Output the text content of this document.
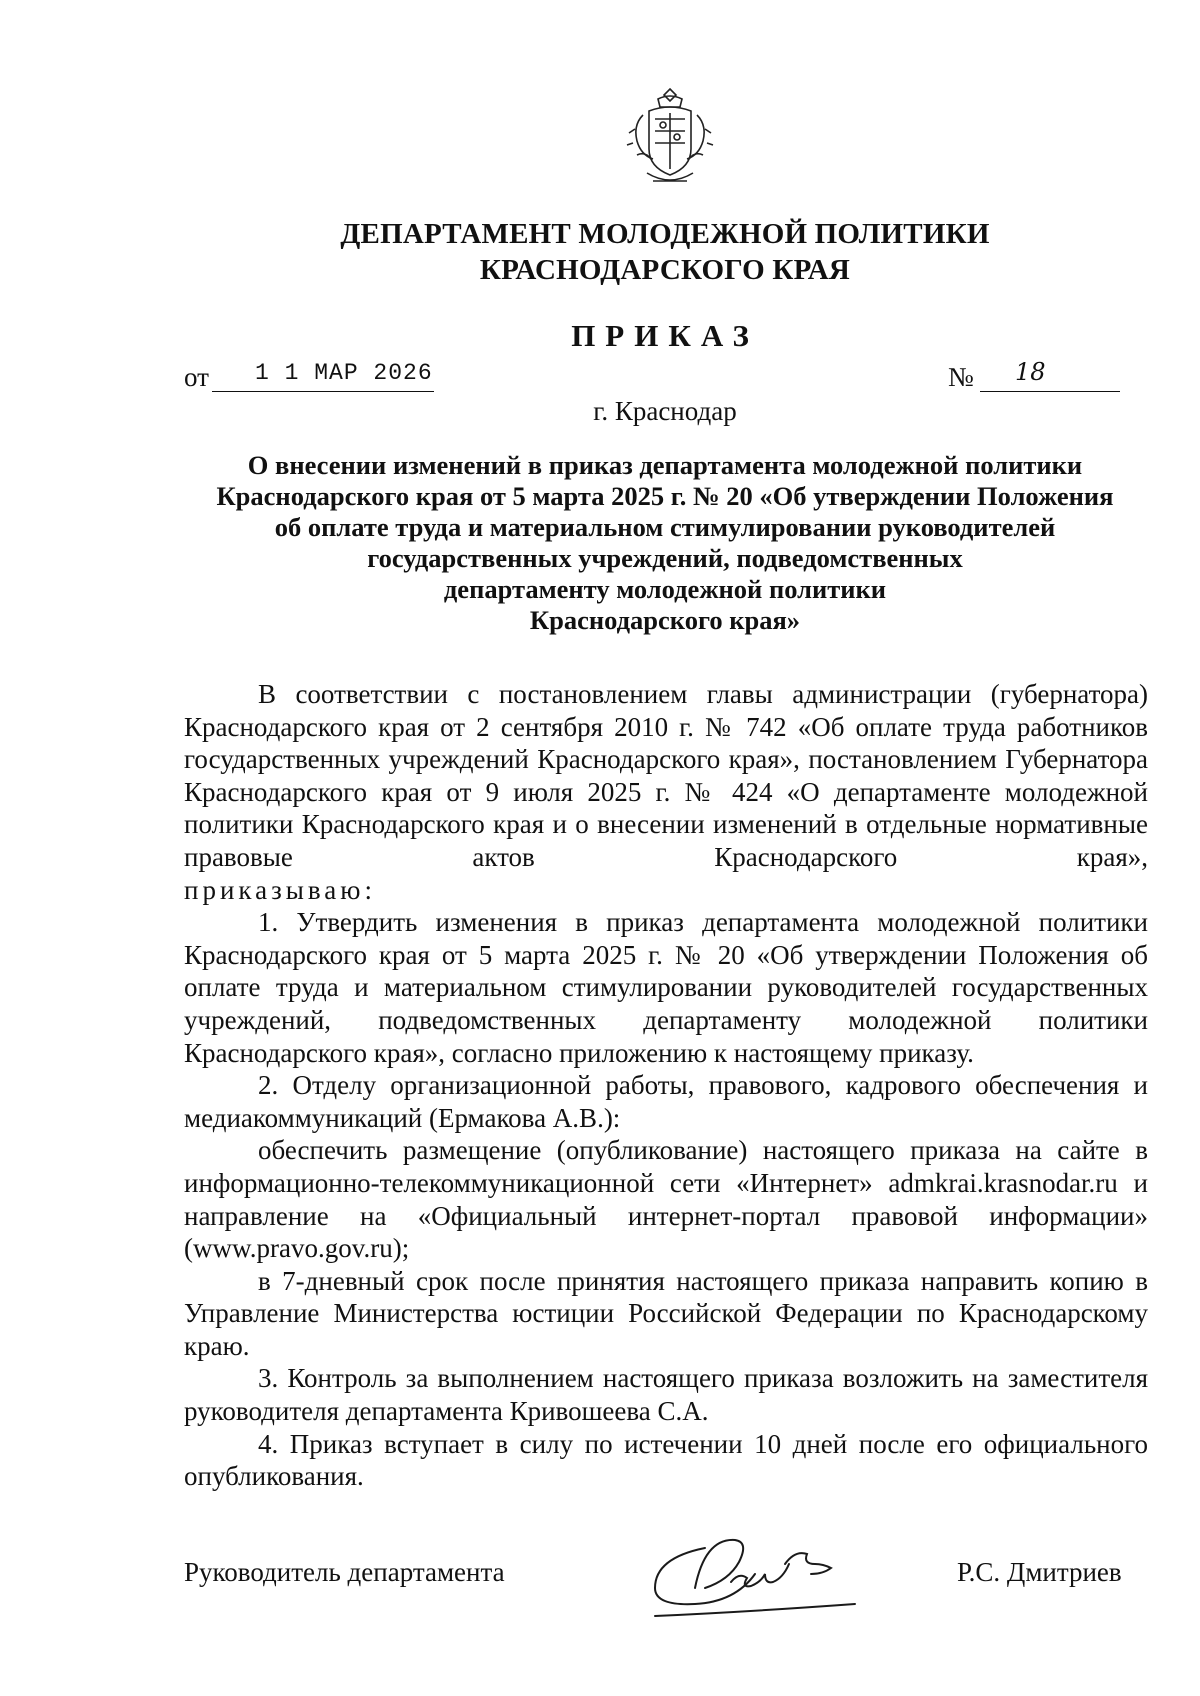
ДЕПАРТАМЕНТ МОЛОДЕЖНОЙ ПОЛИТИКИ
КРАСНОДАРСКОГО КРАЯ
ПРИКАЗ
от 1 1 МАР 2026	№ 18
г. Краснодар
О внесении изменений в приказ департамента молодежной политики
Краснодарского края от 5 марта 2025 г. № 20 «Об утверждении Положения
об оплате труда и материальном стимулировании руководителей
государственных учреждений, подведомственных
департаменту молодежной политики
Краснодарского края»

В соответствии с постановлением главы администрации (губернатора) Краснодарского края от 2 сентября 2010 г. № 742 «Об оплате труда работников государственных учреждений Краснодарского края», постановлением Губернатора Краснодарского края от 9 июля 2025 г. № 424 «О департаменте молодежной политики Краснодарского края и о внесении изменений в отдельные нормативные правовые актов Краснодарского края»,

приказываю:

1. Утвердить изменения в приказ департамента молодежной политики Краснодарского края от 5 марта 2025 г. № 20 «Об утверждении Положения об оплате труда и материальном стимулировании руководителей государственных учреждений, подведомственных департаменту молодежной политики Краснодарского края», согласно приложению к настоящему приказу.

2. Отделу организационной работы, правового, кадрового обеспечения и медиакоммуникаций (Ермакова А.В.):

обеспечить размещение (опубликование) настоящего приказа на сайте в информационно-телекоммуникационной сети «Интернет» admkrai.krasnodar.ru и направление на «Официальный интернет-портал правовой информации» (www.pravo.gov.ru);

в 7-дневный срок после принятия настоящего приказа направить копию в Управление Министерства юстиции Российской Федерации по Краснодарскому краю.

3. Контроль за выполнением настоящего приказа возложить на заместителя руководителя департамента Кривошеева С.А.

4. Приказ вступает в силу по истечении 10 дней после его официального опубликования.

Руководитель департамента	Р.С. Дмитриев
